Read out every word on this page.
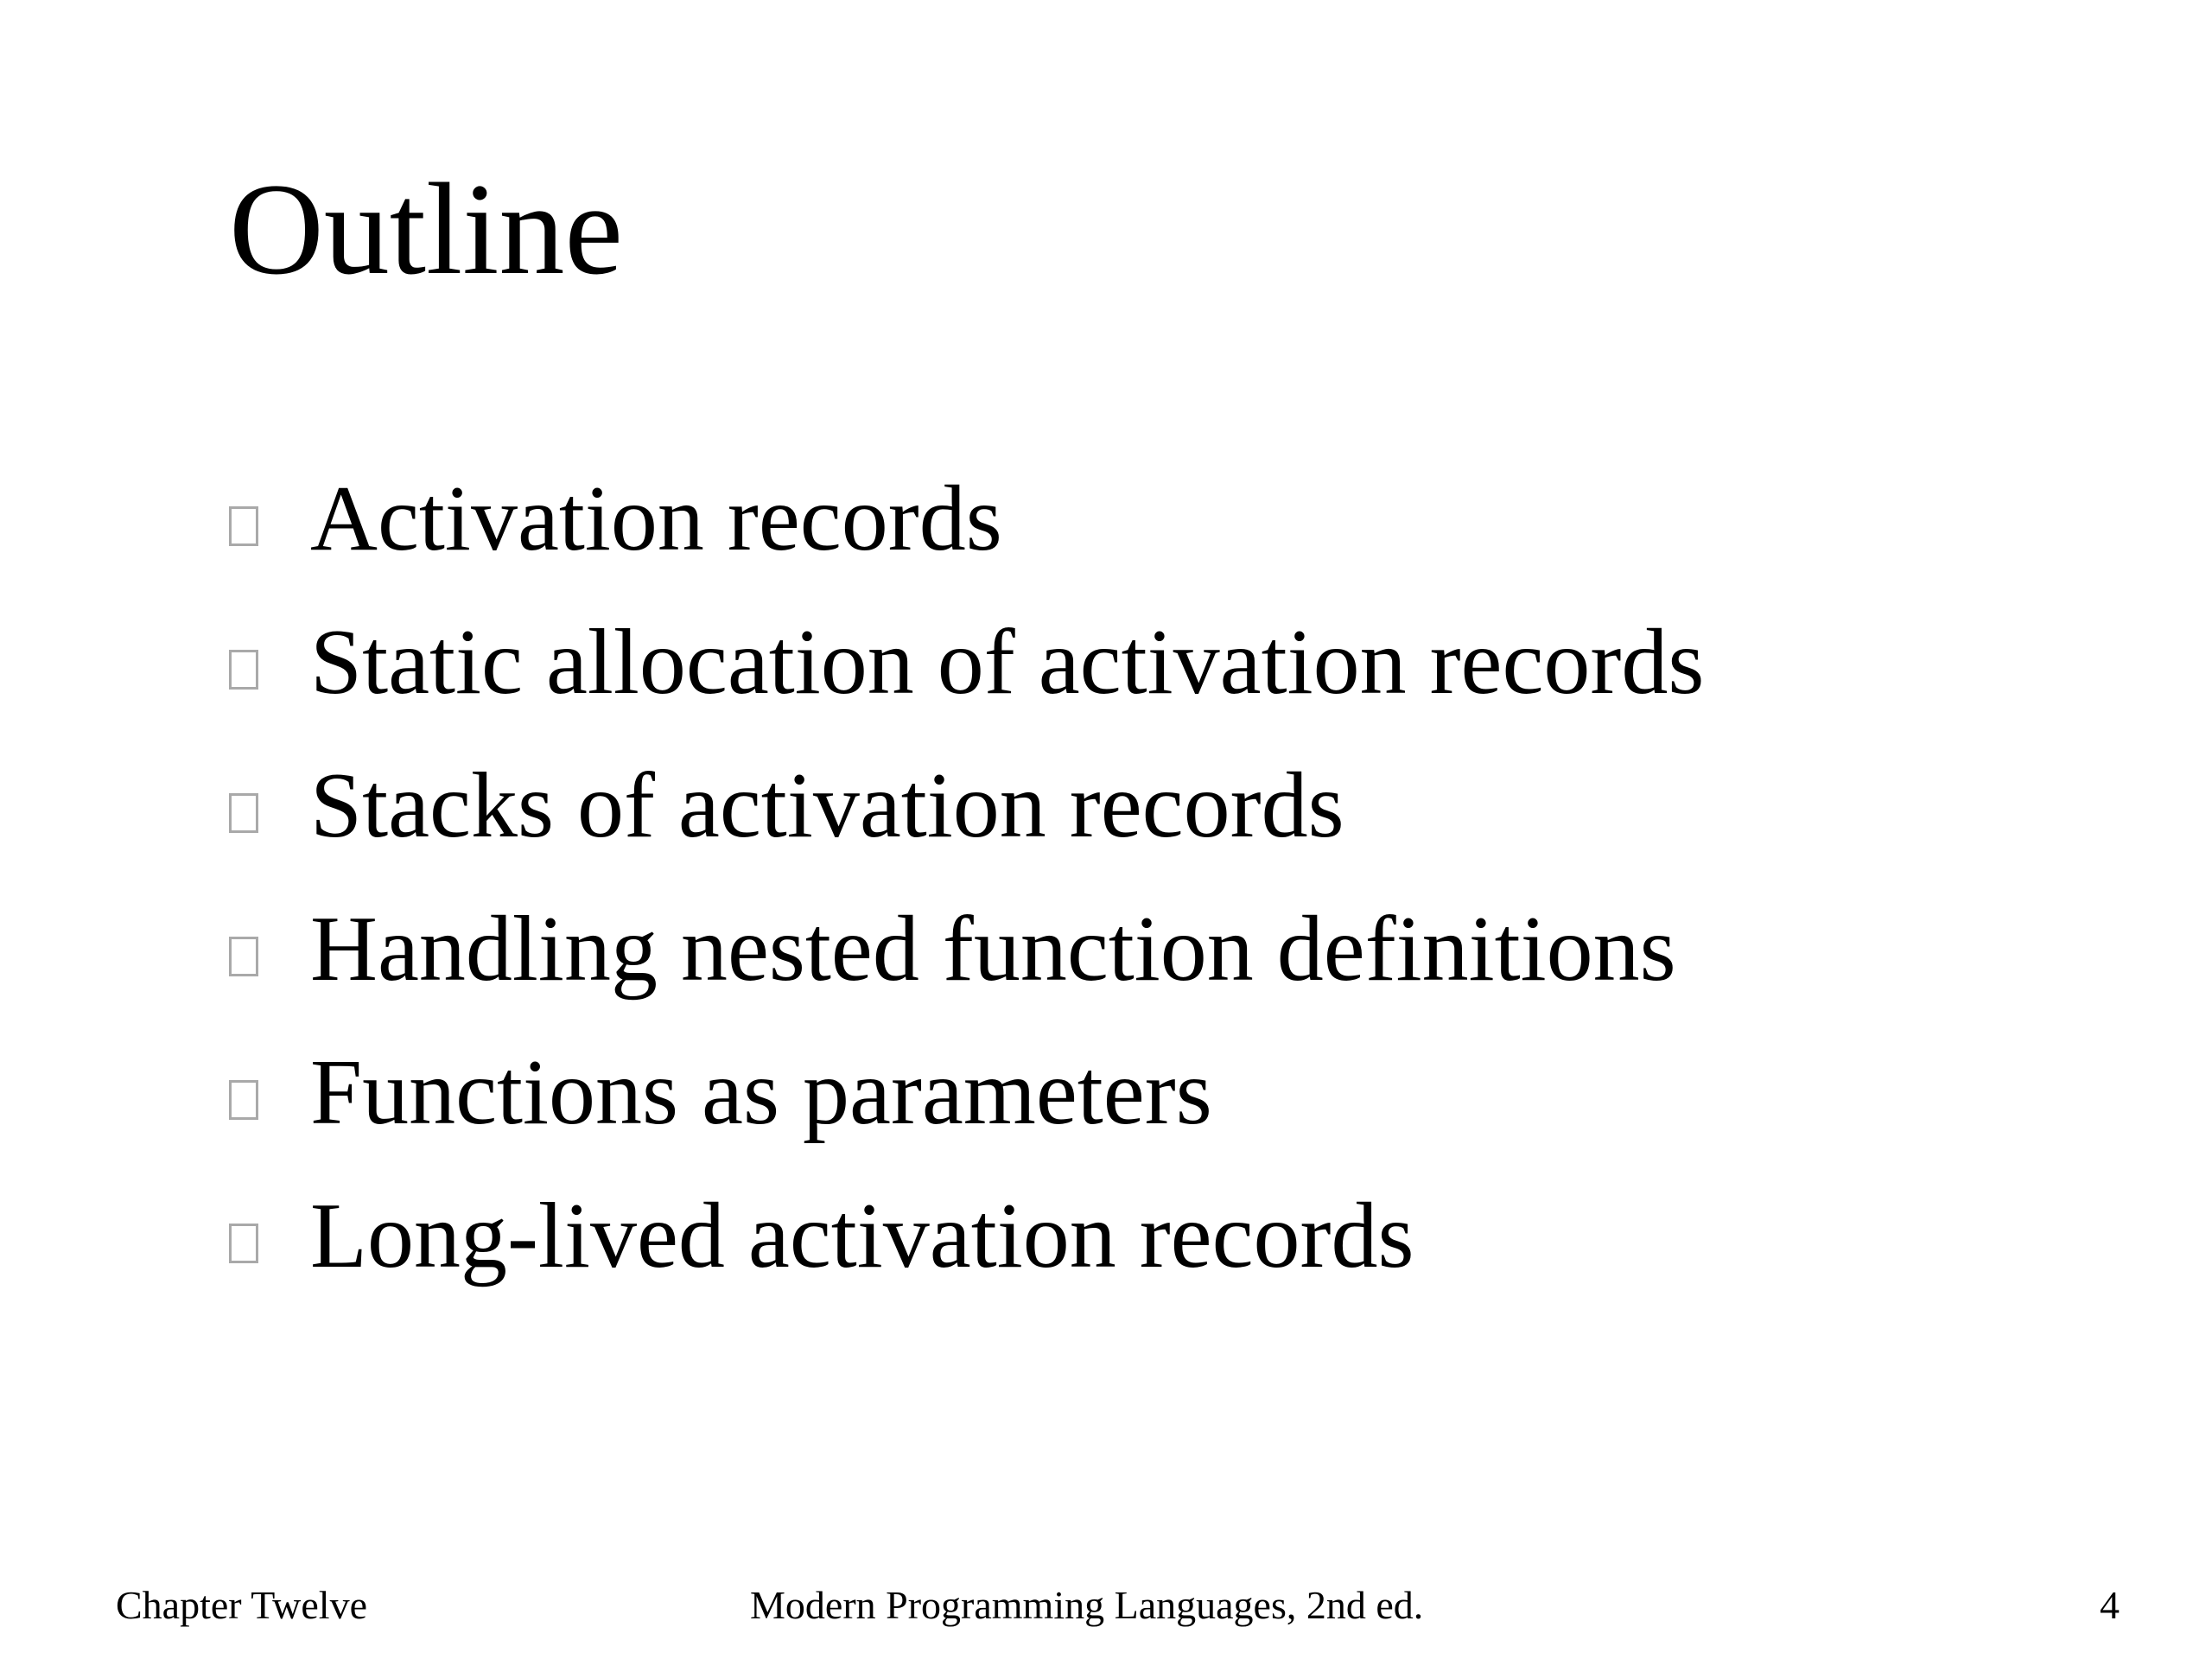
Outline
Activation records
Static allocation of activation records
Stacks of activation records
Handling nested function definitions
Functions as parameters
Long-lived activation records
Chapter Twelve	Modern Programming Languages, 2nd ed.	4
